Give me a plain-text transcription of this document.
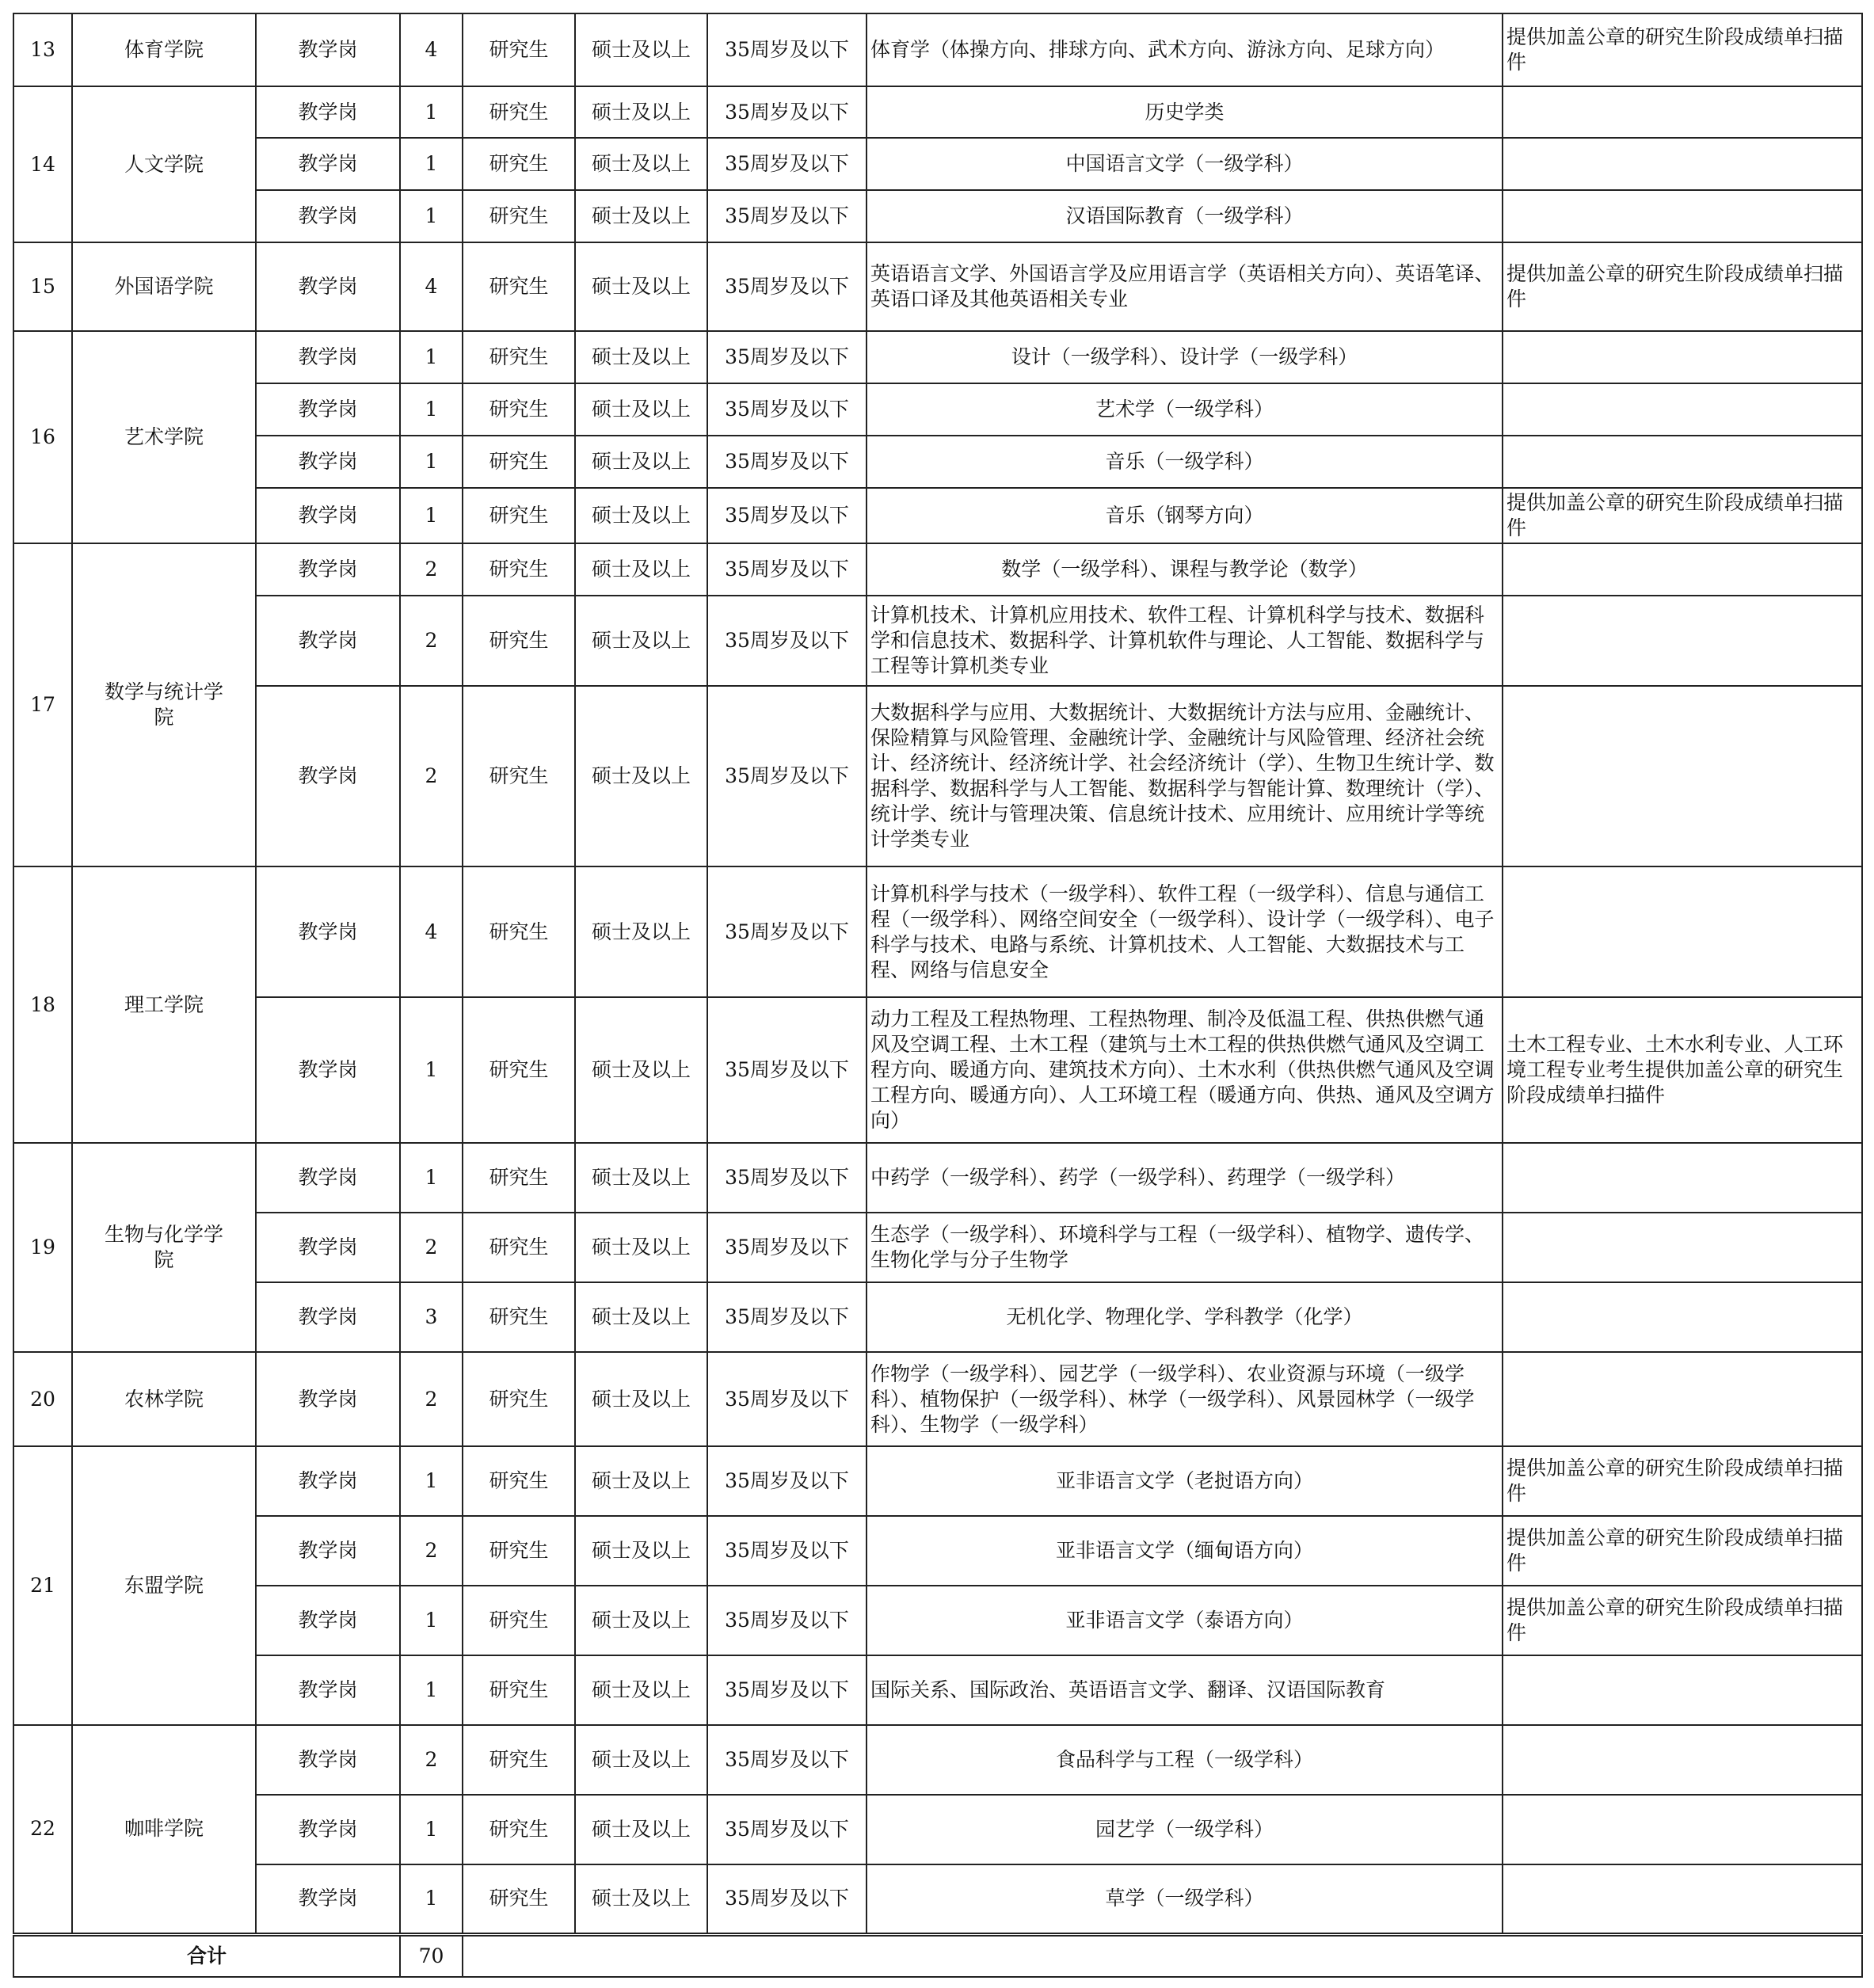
13	体育学院	教学岗	4	研究生	硕士及以上	35周岁及以下	体育学（体操方向、排球方向、武术方向、游泳方向、足球方向）	提供加盖公章的研究生阶段成绩单扫描件
14	人文学院	教学岗	1	研究生	硕士及以上	35周岁及以下	历史学类	
		教学岗	1	研究生	硕士及以上	35周岁及以下	中国语言文学（一级学科）	
		教学岗	1	研究生	硕士及以上	35周岁及以下	汉语国际教育（一级学科）	
15	外国语学院	教学岗	4	研究生	硕士及以上	35周岁及以下	英语语言文学、外国语言学及应用语言学（英语相关方向）、英语笔译、英语口译及其他英语相关专业	提供加盖公章的研究生阶段成绩单扫描件
16	艺术学院	教学岗	1	研究生	硕士及以上	35周岁及以下	设计（一级学科）、设计学（一级学科）	
		教学岗	1	研究生	硕士及以上	35周岁及以下	艺术学（一级学科）	
		教学岗	1	研究生	硕士及以上	35周岁及以下	音乐（一级学科）	
		教学岗	1	研究生	硕士及以上	35周岁及以下	音乐（钢琴方向）	提供加盖公章的研究生阶段成绩单扫描件
17	数学与统计学院	教学岗	2	研究生	硕士及以上	35周岁及以下	数学（一级学科）、课程与教学论（数学）	
		教学岗	2	研究生	硕士及以上	35周岁及以下	计算机技术、计算机应用技术、软件工程、计算机科学与技术、数据科学和信息技术、数据科学、计算机软件与理论、人工智能、数据科学与工程等计算机类专业	
		教学岗	2	研究生	硕士及以上	35周岁及以下	大数据科学与应用、大数据统计、大数据统计方法与应用、金融统计、保险精算与风险管理、金融统计学、金融统计与风险管理、经济社会统计、经济统计、经济统计学、社会经济统计（学）、生物卫生统计学、数据科学、数据科学与人工智能、数据科学与智能计算、数理统计（学）、统计学、统计与管理决策、信息统计技术、应用统计、应用统计学等统计学类专业	
18	理工学院	教学岗	4	研究生	硕士及以上	35周岁及以下	计算机科学与技术（一级学科）、软件工程（一级学科）、信息与通信工程（一级学科）、网络空间安全（一级学科）、设计学（一级学科）、电子科学与技术、电路与系统、计算机技术、人工智能、大数据技术与工程、网络与信息安全	
		教学岗	1	研究生	硕士及以上	35周岁及以下	动力工程及工程热物理、工程热物理、制冷及低温工程、供热供燃气通风及空调工程、土木工程（建筑与土木工程的供热供燃气通风及空调工程方向、暖通方向、建筑技术方向）、土木水利（供热供燃气通风及空调工程方向、暖通方向）、人工环境工程（暖通方向、供热、通风及空调方向）	土木工程专业、土木水利专业、人工环境工程专业考生提供加盖公章的研究生阶段成绩单扫描件
19	生物与化学学院	教学岗	1	研究生	硕士及以上	35周岁及以下	中药学（一级学科）、药学（一级学科）、药理学（一级学科）	
		教学岗	2	研究生	硕士及以上	35周岁及以下	生态学（一级学科）、环境科学与工程（一级学科）、植物学、遗传学、生物化学与分子生物学	
		教学岗	3	研究生	硕士及以上	35周岁及以下	无机化学、物理化学、学科教学（化学）	
20	农林学院	教学岗	2	研究生	硕士及以上	35周岁及以下	作物学（一级学科）、园艺学（一级学科）、农业资源与环境（一级学科）、植物保护（一级学科）、林学（一级学科）、风景园林学（一级学科）、生物学（一级学科）	
21	东盟学院	教学岗	1	研究生	硕士及以上	35周岁及以下	亚非语言文学（老挝语方向）	提供加盖公章的研究生阶段成绩单扫描件
		教学岗	2	研究生	硕士及以上	35周岁及以下	亚非语言文学（缅甸语方向）	提供加盖公章的研究生阶段成绩单扫描件
		教学岗	1	研究生	硕士及以上	35周岁及以下	亚非语言文学（泰语方向）	提供加盖公章的研究生阶段成绩单扫描件
		教学岗	1	研究生	硕士及以上	35周岁及以下	国际关系、国际政治、英语语言文学、翻译、汉语国际教育	
22	咖啡学院	教学岗	2	研究生	硕士及以上	35周岁及以下	食品科学与工程（一级学科）	
		教学岗	1	研究生	硕士及以上	35周岁及以下	园艺学（一级学科）	
		教学岗	1	研究生	硕士及以上	35周岁及以下	草学（一级学科）	
合计			70					
